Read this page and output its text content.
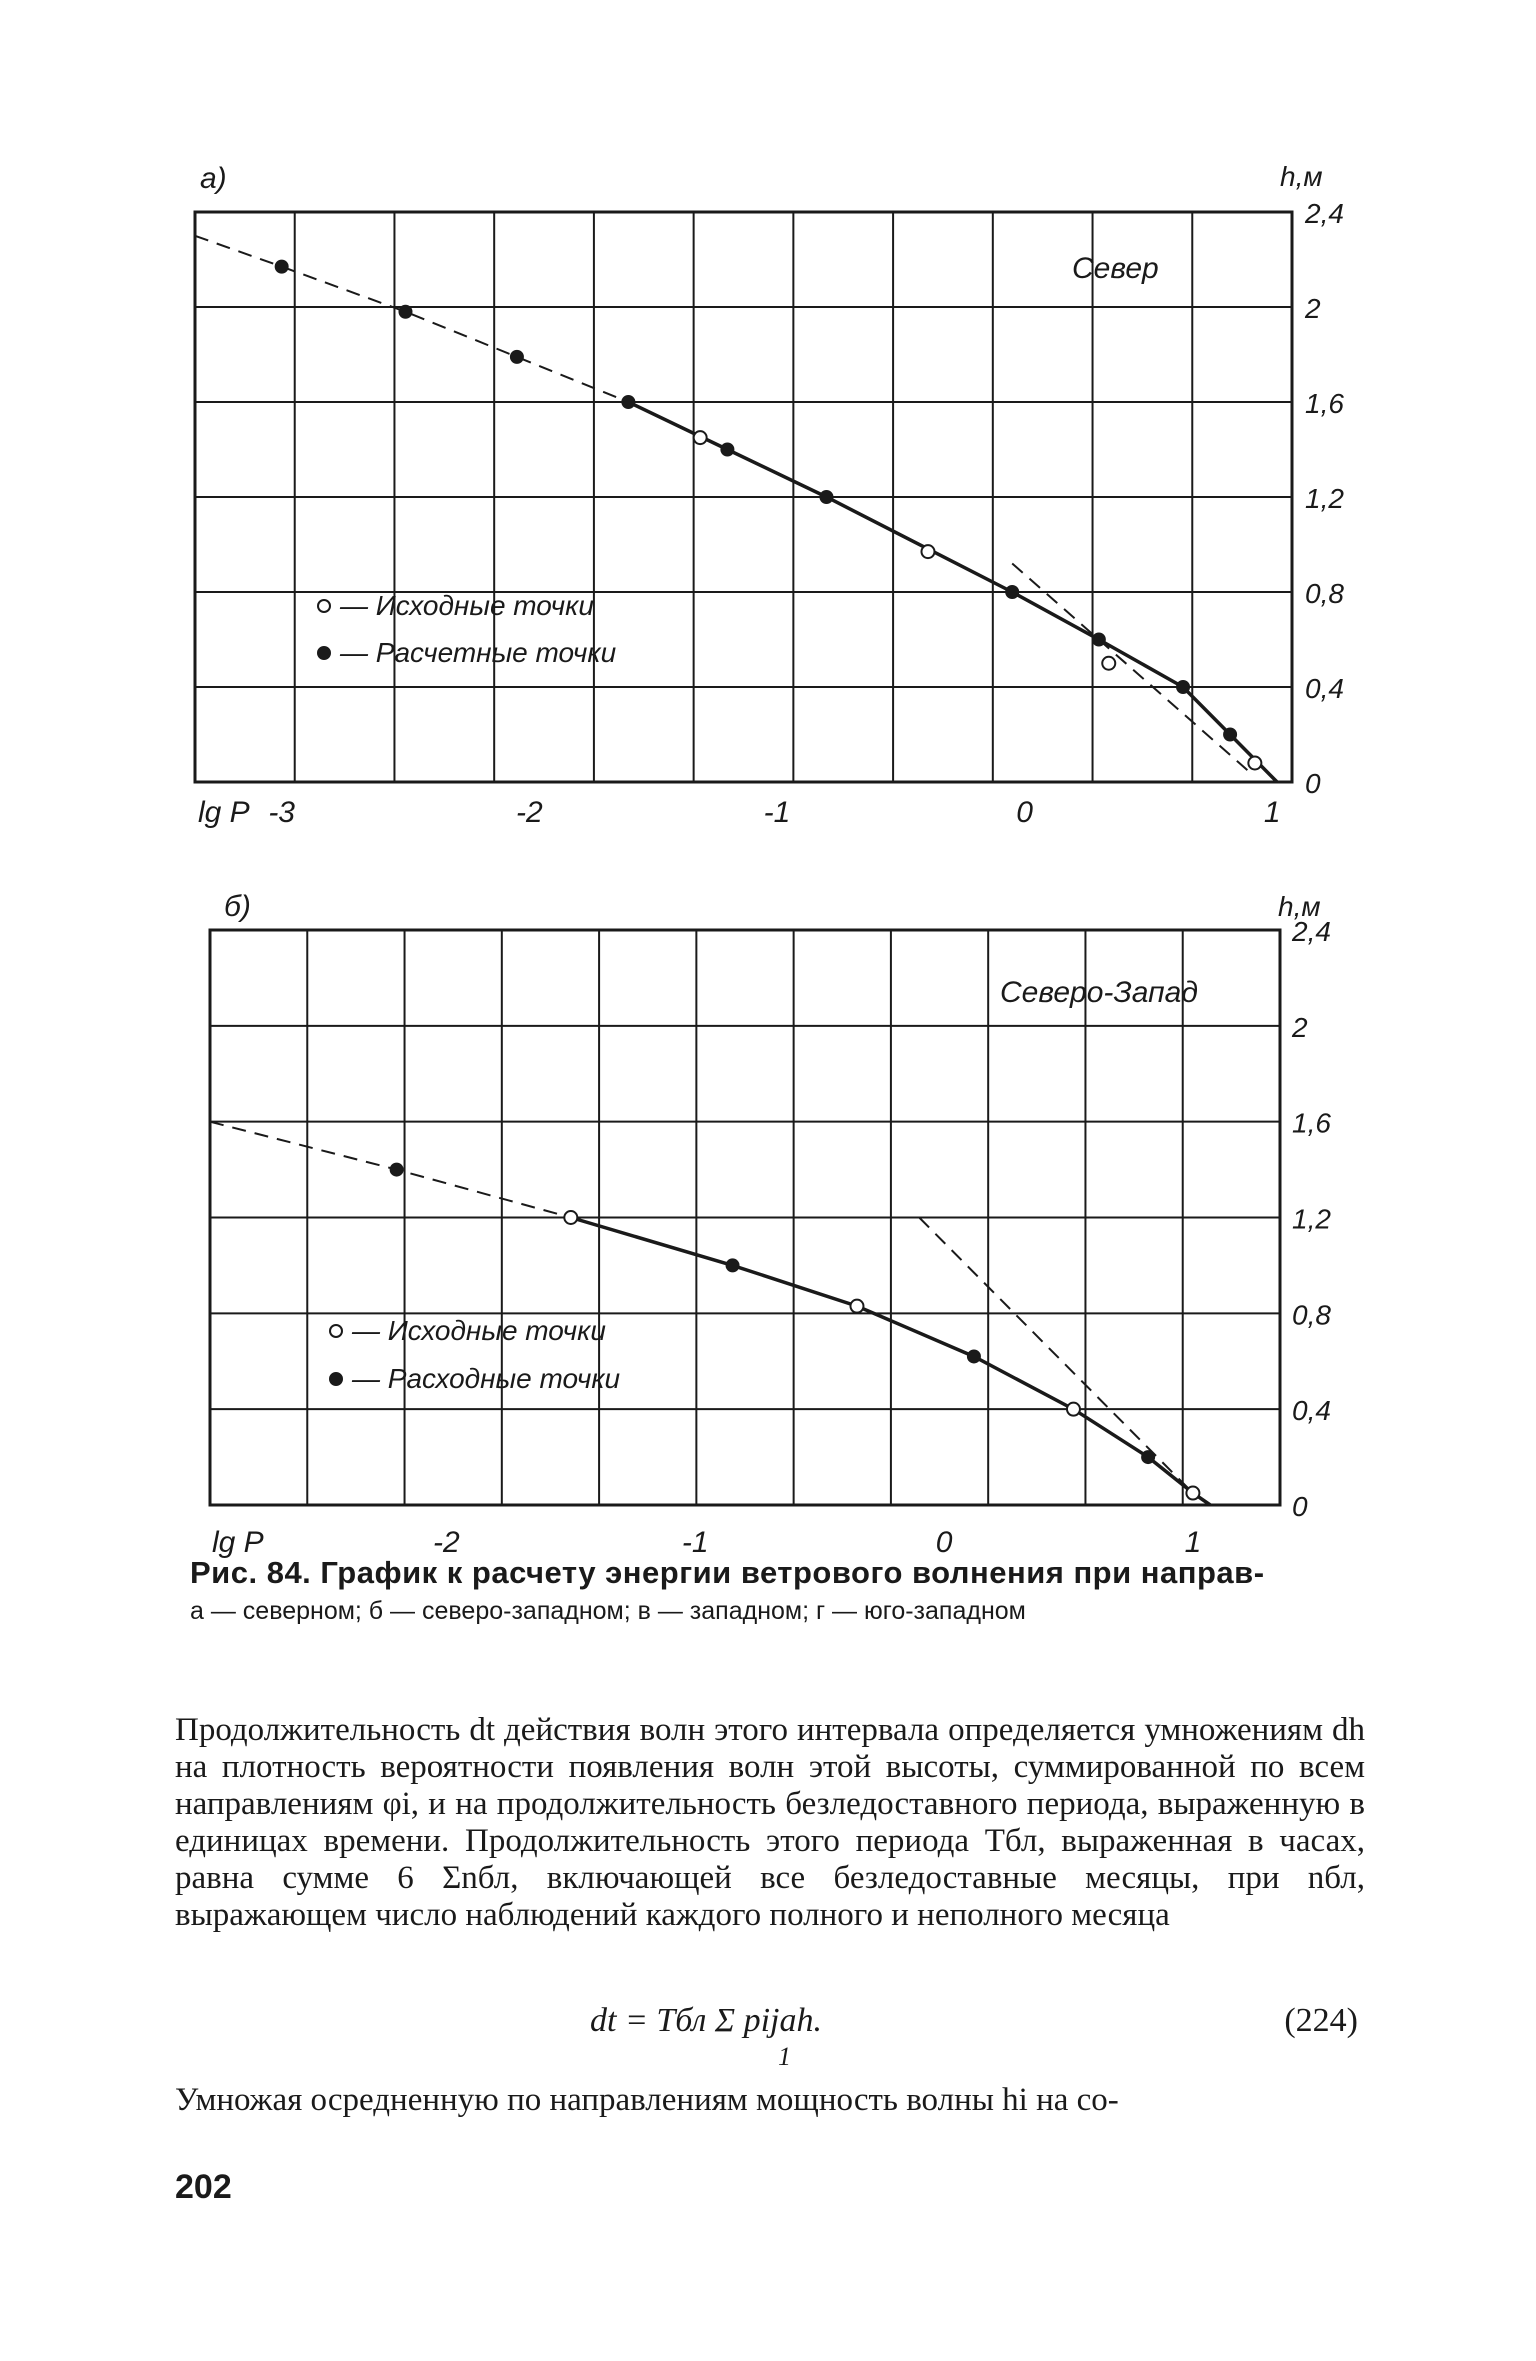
-3	-2	-1	0	1
0
0,4
0,8
1,2
1,6
2
2,4
lg P
h,м
а)
Север
— Исходные точки
— Расчетные точки
-2	-1	0	1
0
0,4
0,8
1,2
1,6
2
2,4
lg P
h,м
б)
Северо-Запад
— Исходные точки
— Расходные точки
Рис. 84. График к расчету энергии ветрового волнения при направ-
а — северном; б — северо-западном; в — западном; г — юго-западном

Продолжительность dt действия волн этого интервала определяется умножениям dh на плотность вероятности появления волн этой высоты, суммированной по всем направлениям φi, и на продолжительность безледоставного периода, выраженную в единицах времени. Продолжительность этого периода Tбл, выраженная в часах, равна сумме 6 Σnбл, включающей все безледоставные месяцы, при nбл, выражающем число наблюдений каждого полного и неполного месяца

dt = Tбл Σ pijah.
1
(224)
Умножая осредненную по направлениям мощность волны hi на со-
202
